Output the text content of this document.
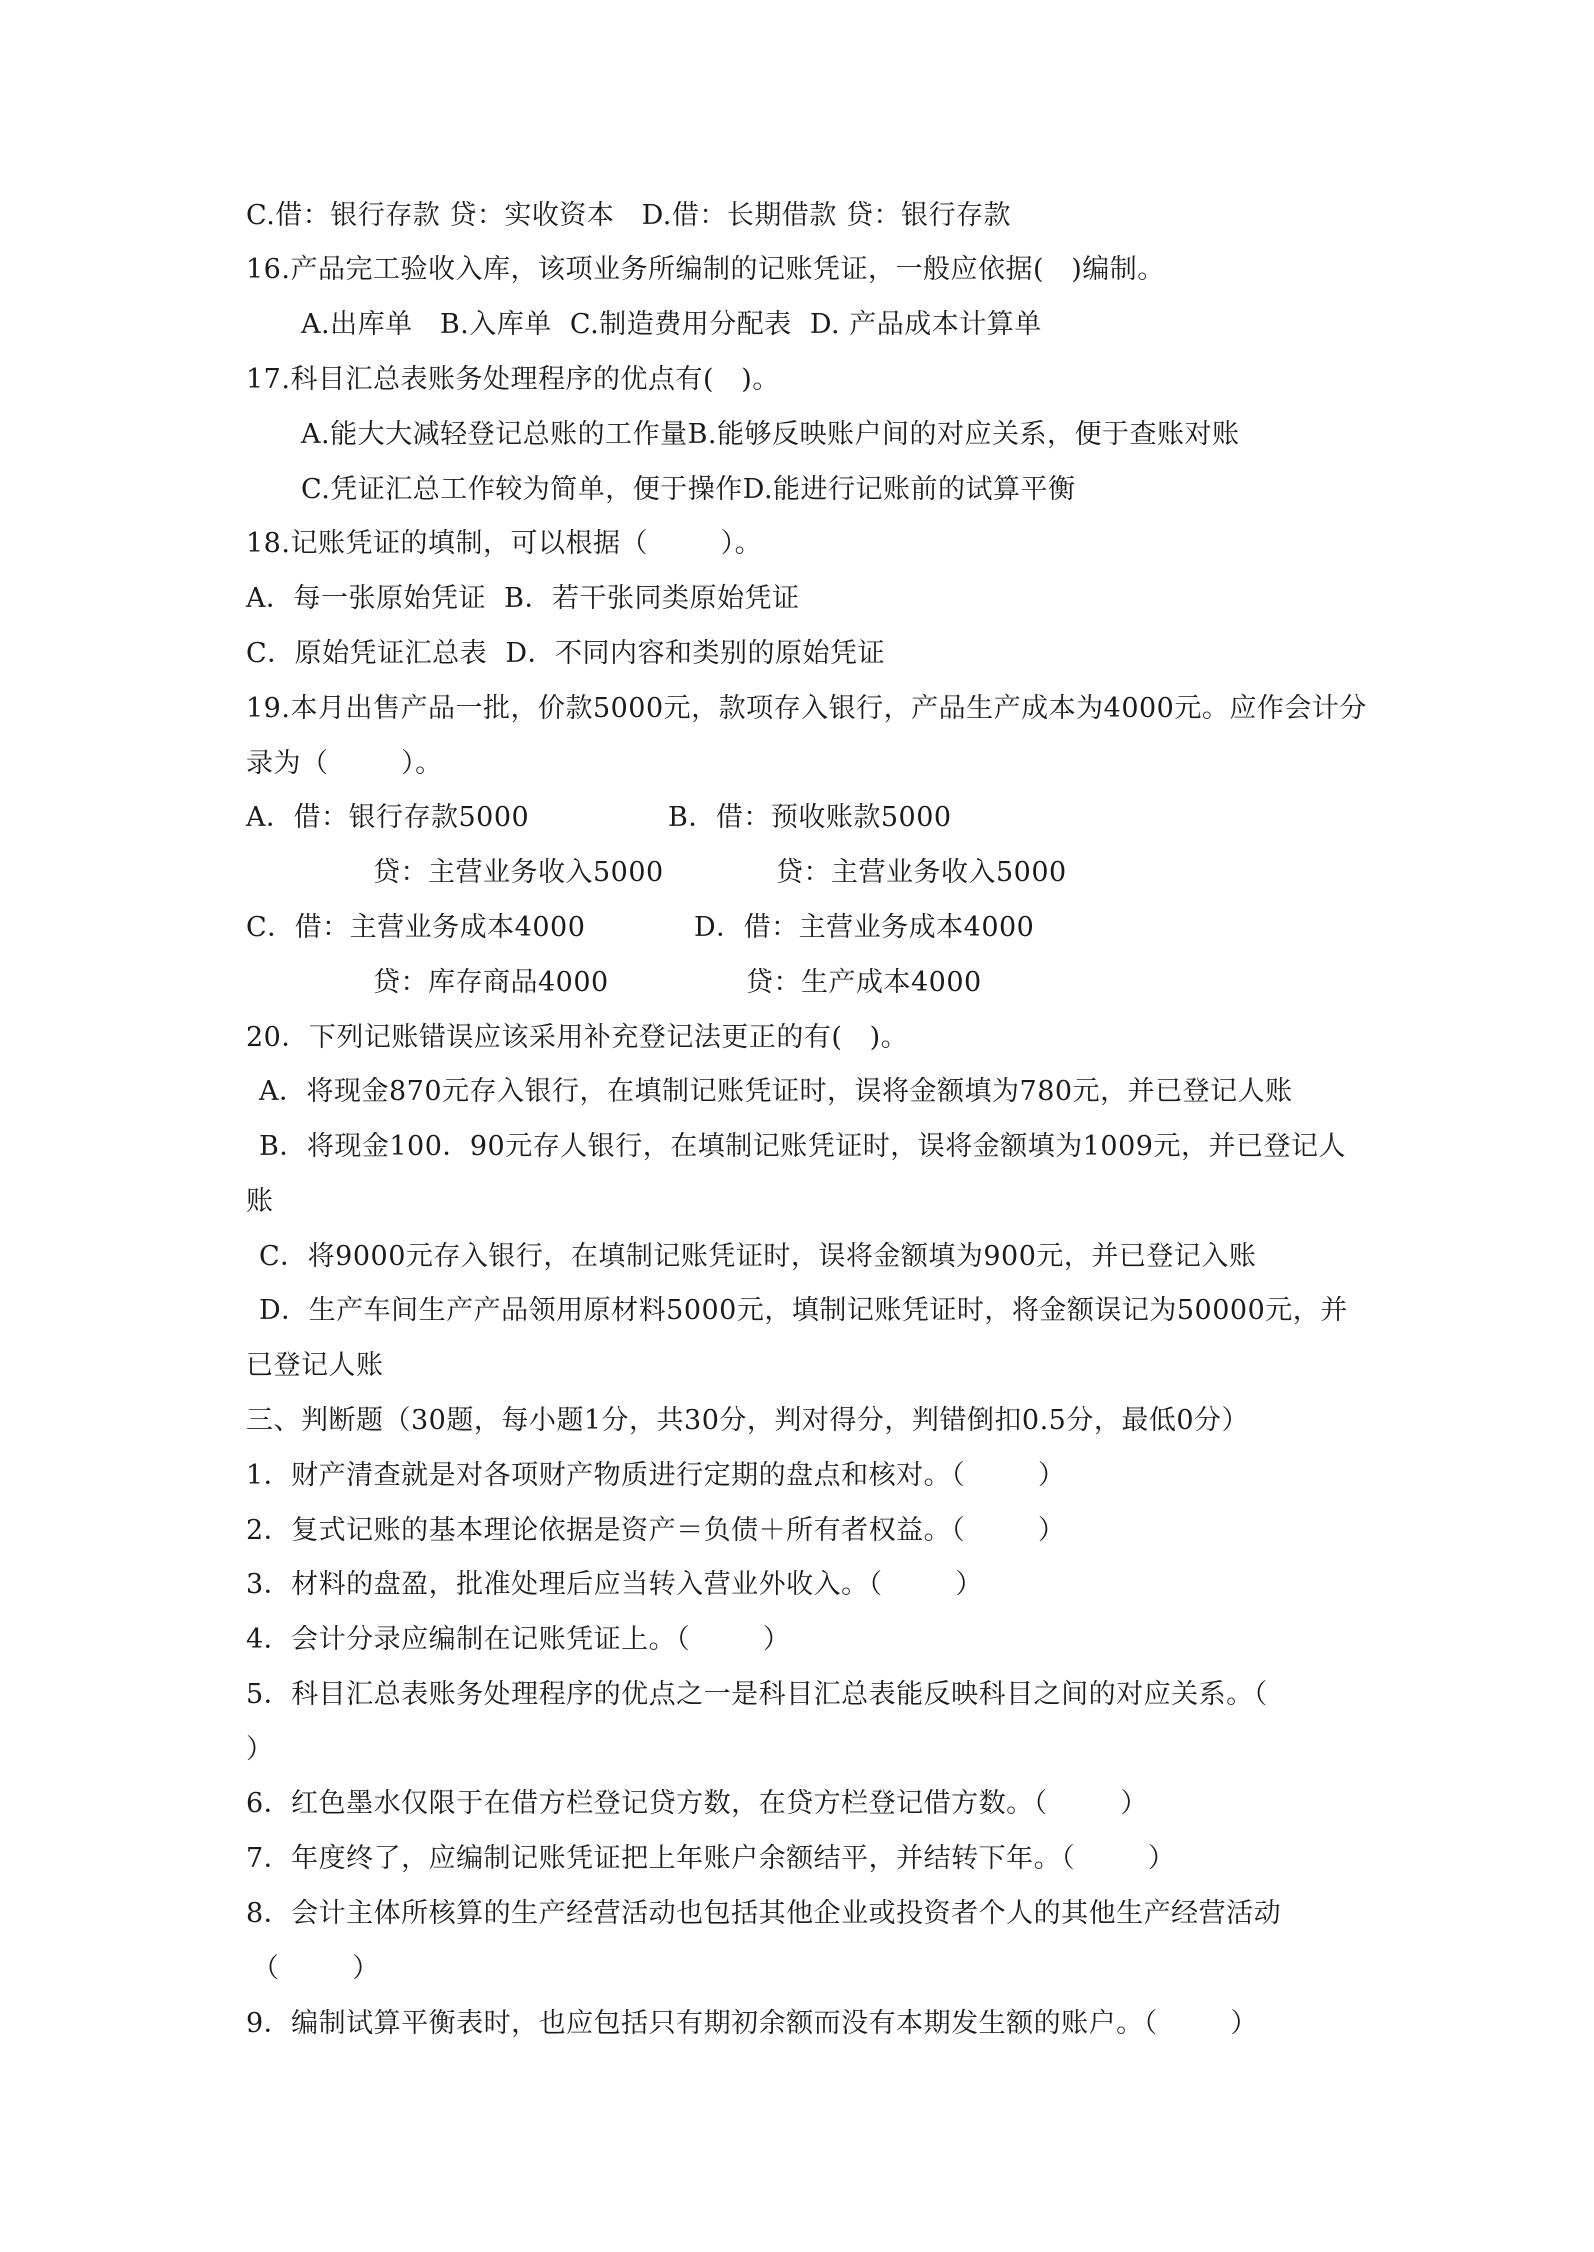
C.借：银行存款 贷：实收资本   D.借：长期借款 贷：银行存款
16.产品完工验收入库，该项业务所编制的记账凭证，一般应依据(   )编制。
A.出库单   B.入库单  C.制造费用分配表  D. 产品成本计算单
17.科目汇总表账务处理程序的优点有(   )。
A.能大大减轻登记总账的工作量B.能够反映账户间的对应关系，便于查账对账
C.凭证汇总工作较为简单，便于操作D.能进行记账前的试算平衡
18.记账凭证的填制，可以根据（        ）。
A．每一张原始凭证  B．若干张同类原始凭证
C．原始凭证汇总表  D．不同内容和类别的原始凭证
19.本月出售产品一批，价款5000元，款项存入银行，产品生产成本为4000元。应作会计分
录为（        ）。
A．借：银行存款5000	B．借：预收账款5000
贷：主营业务收入5000	贷：主营业务收入5000
C．借：主营业务成本4000	D．借：主营业务成本4000
贷：库存商品4000	贷：生产成本4000
20．下列记账错误应该采用补充登记法更正的有(   )。
A．将现金870元存入银行，在填制记账凭证时，误将金额填为780元，并已登记人账
B．将现金100．90元存人银行，在填制记账凭证时，误将金额填为1009元，并已登记人
账
C．将9000元存入银行，在填制记账凭证时，误将金额填为900元，并已登记入账
D．生产车间生产产品领用原材料5000元，填制记账凭证时，将金额误记为50000元，并
已登记人账
三、判断题（30题，每小题1分，共30分，判对得分，判错倒扣0.5分，最低0分）
1．财产清查就是对各项财产物质进行定期的盘点和核对。（        ）
2．复式记账的基本理论依据是资产＝负债＋所有者权益。（        ）
3．材料的盘盈，批准处理后应当转入营业外收入。（        ）
4．会计分录应编制在记账凭证上。（        ）
5．科目汇总表账务处理程序的优点之一是科目汇总表能反映科目之间的对应关系。（
）
6．红色墨水仅限于在借方栏登记贷方数，在贷方栏登记借方数。（        ）
7．年度终了，应编制记账凭证把上年账户余额结平，并结转下年。（        ）
8．会计主体所核算的生产经营活动也包括其他企业或投资者个人的其他生产经营活动
（        ）
9．编制试算平衡表时，也应包括只有期初余额而没有本期发生额的账户。（        ）
